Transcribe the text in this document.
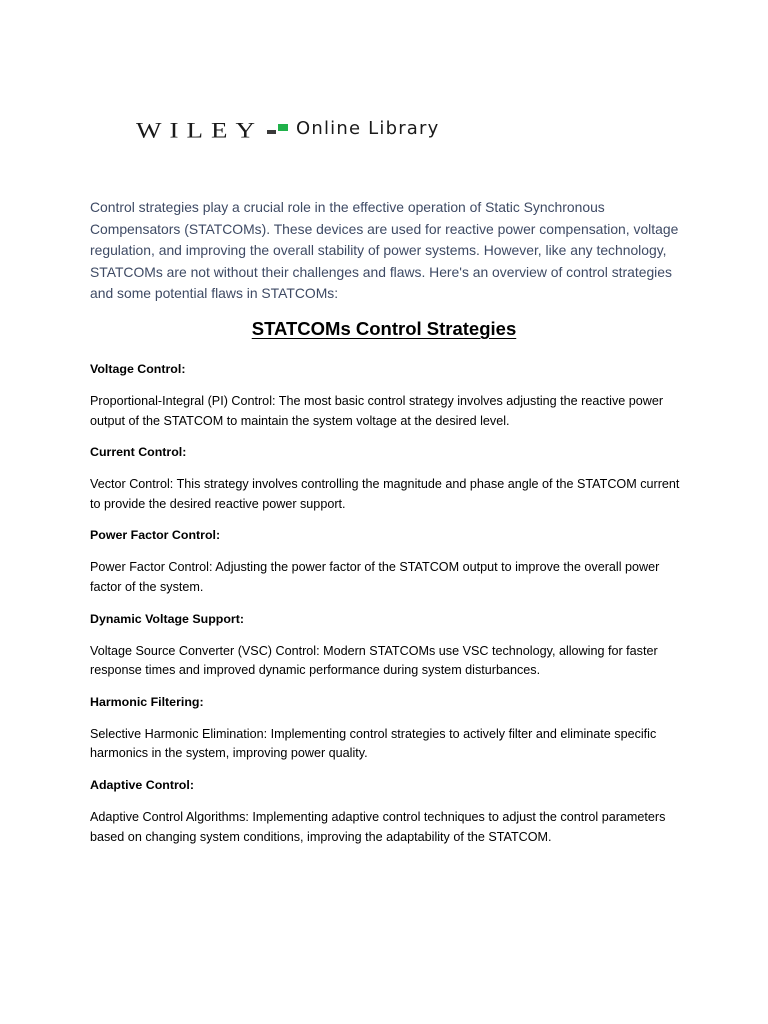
WILEY Online Library

Control strategies play a crucial role in the effective operation of Static Synchronous Compensators (STATCOMs). These devices are used for reactive power compensation, voltage regulation, and improving the overall stability of power systems. However, like any technology, STATCOMs are not without their challenges and flaws. Here's an overview of control strategies and some potential flaws in STATCOMs:

STATCOMs Control Strategies

Voltage Control:

Proportional-Integral (PI) Control: The most basic control strategy involves adjusting the reactive power output of the STATCOM to maintain the system voltage at the desired level.

Current Control:

Vector Control: This strategy involves controlling the magnitude and phase angle of the STATCOM current to provide the desired reactive power support.

Power Factor Control:

Power Factor Control: Adjusting the power factor of the STATCOM output to improve the overall power factor of the system.

Dynamic Voltage Support:

Voltage Source Converter (VSC) Control: Modern STATCOMs use VSC technology, allowing for faster response times and improved dynamic performance during system disturbances.

Harmonic Filtering:

Selective Harmonic Elimination: Implementing control strategies to actively filter and eliminate specific harmonics in the system, improving power quality.

Adaptive Control:

Adaptive Control Algorithms: Implementing adaptive control techniques to adjust the control parameters based on changing system conditions, improving the adaptability of the STATCOM.
